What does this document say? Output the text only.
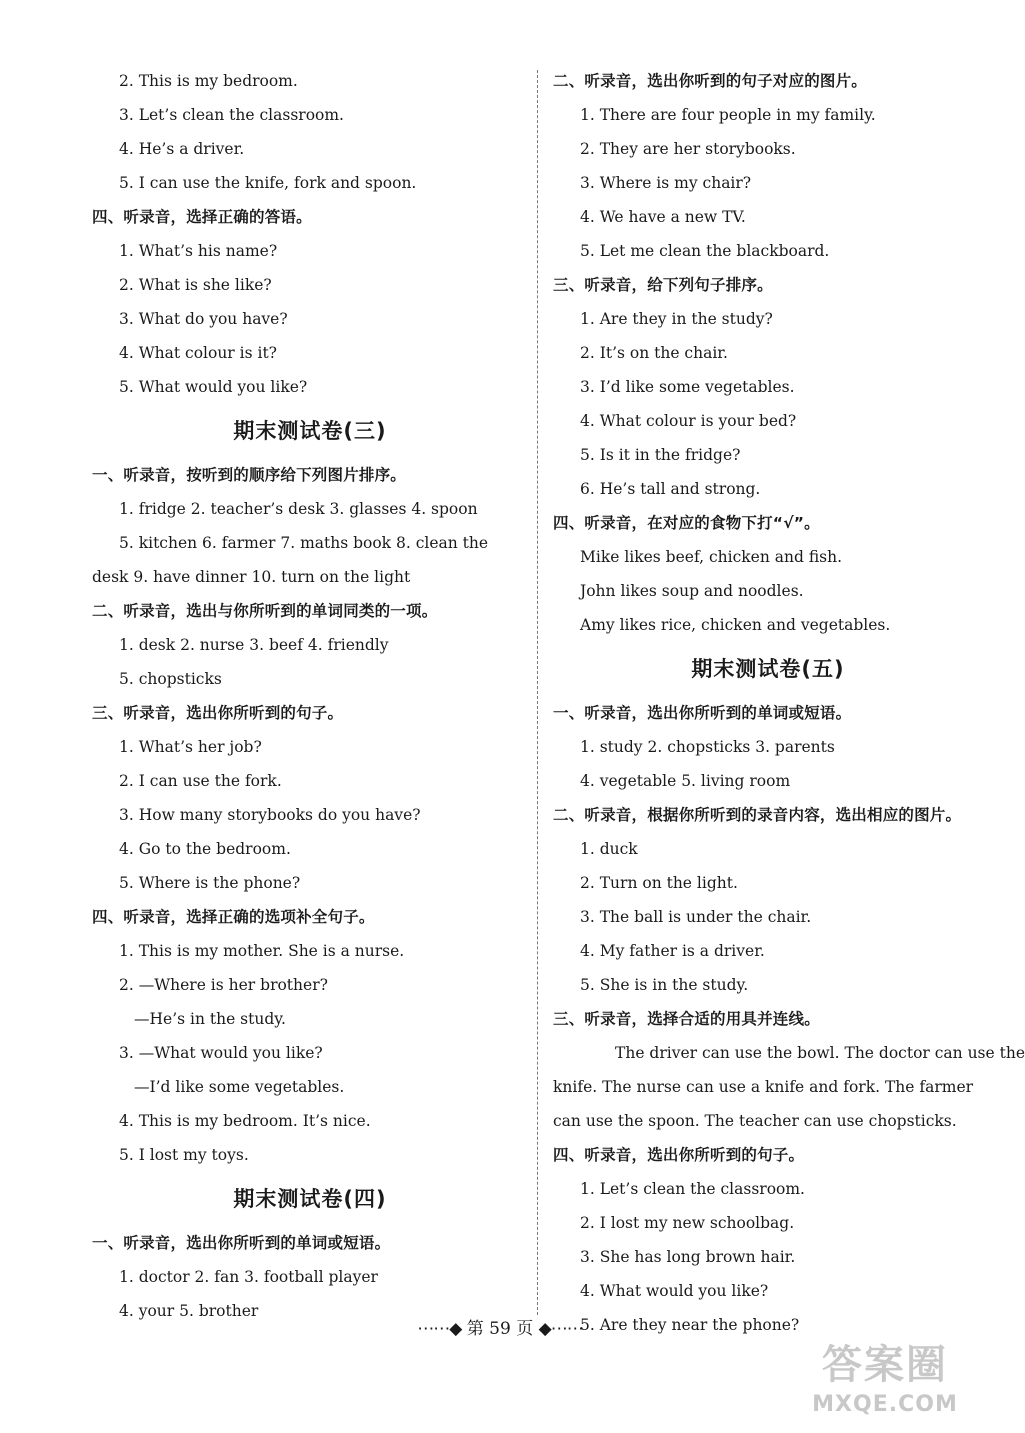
2. This is my bedroom.
3. Let’s clean the classroom.
4. He’s a driver.
5. I can use the knife, fork and spoon.
四、听录音，选择正确的答语。
1. What’s his name?
2. What is she like?
3. What do you have?
4. What colour is it?
5. What would you like?
期末测试卷(三)
一、听录音，按听到的顺序给下列图片排序。
1. fridge 2. teacher’s desk 3. glasses 4. spoon
5. kitchen 6. farmer 7. maths book 8. clean the
desk 9. have dinner 10. turn on the light
二、听录音，选出与你所听到的单词同类的一项。
1. desk 2. nurse 3. beef 4. friendly
5. chopsticks
三、听录音，选出你所听到的句子。
1. What’s her job?
2. I can use the fork.
3. How many storybooks do you have?
4. Go to the bedroom.
5. Where is the phone?
四、听录音，选择正确的选项补全句子。
1. This is my mother. She is a nurse.
2. —Where is her brother?
—He’s in the study.
3. —What would you like?
—I’d like some vegetables.
4. This is my bedroom. It’s nice.
5. I lost my toys.
期末测试卷(四)
一、听录音，选出你所听到的单词或短语。
1. doctor 2. fan 3. football player
4. your 5. brother
二、听录音，选出你听到的句子对应的图片。
1. There are four people in my family.
2. They are her storybooks.
3. Where is my chair?
4. We have a new TV.
5. Let me clean the blackboard.
三、听录音，给下列句子排序。
1. Are they in the study?
2. It’s on the chair.
3. I’d like some vegetables.
4. What colour is your bed?
5. Is it in the fridge?
6. He’s tall and strong.
四、听录音，在对应的食物下打“√”。
Mike likes beef, chicken and fish.
John likes soup and noodles.
Amy likes rice, chicken and vegetables.
期末测试卷(五)
一、听录音，选出你所听到的单词或短语。
1. study 2. chopsticks 3. parents
4. vegetable 5. living room
二、听录音，根据你所听到的录音内容，选出相应的图片。
1. duck
2. Turn on the light.
3. The ball is under the chair.
4. My father is a driver.
5. She is in the study.
三、听录音，选择合适的用具并连线。
The driver can use the bowl. The doctor can use the
knife. The nurse can use a knife and fork. The farmer
can use the spoon. The teacher can use chopsticks.
四、听录音，选出你所听到的句子。
1. Let’s clean the classroom.
2. I lost my new schoolbag.
3. She has long brown hair.
4. What would you like?
5. Are they near the phone?
⋯⋯◆ 第 59 页 ◆⋯⋯
答案圈
MXQE.COM
